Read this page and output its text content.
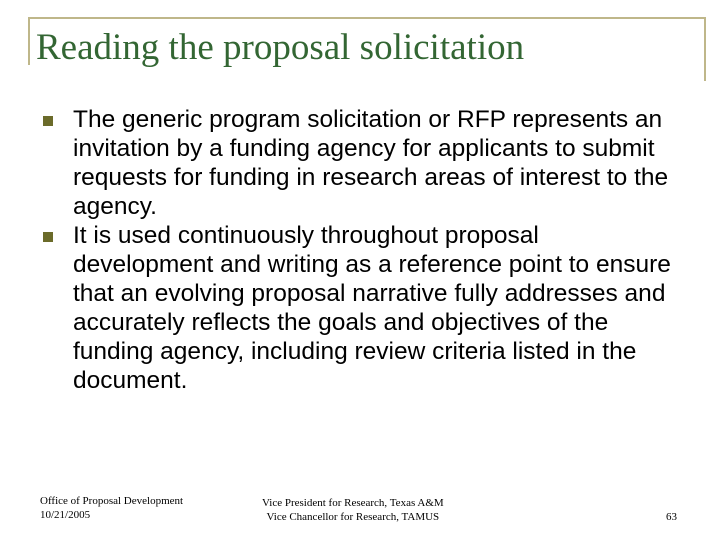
Reading the proposal solicitation
The generic program solicitation or RFP represents an invitation by a funding agency for applicants to submit requests for funding in research areas of interest to the agency.
It is used continuously throughout proposal development and writing as a reference point to ensure that an evolving proposal narrative fully addresses and accurately reflects the goals and objectives of the funding agency, including review criteria listed in the document.
Office of Proposal Development
10/21/2005
Vice President for Research, Texas A&M
Vice Chancellor for Research, TAMUS	63
